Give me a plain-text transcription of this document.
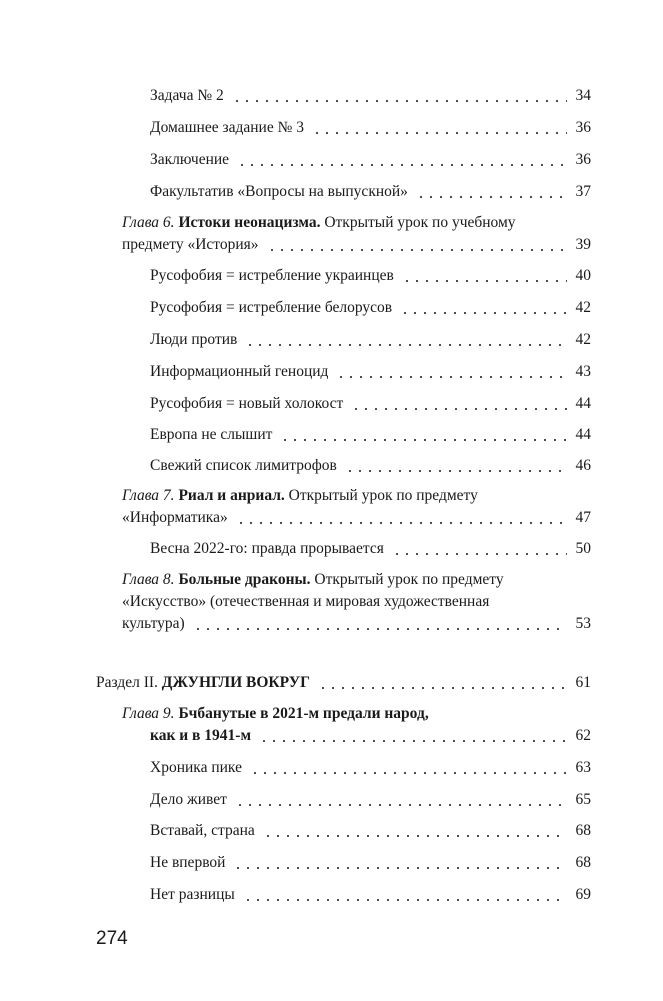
Задача № 2	34
Домашнее задание № 3	36
Заключение	36
Факультатив «Вопросы на выпускной»	37
Глава 6. Истоки неонацизма. Открытый урок по учебному
предмету «История»	39
Русофобия = истребление украинцев	40
Русофобия = истребление белорусов	42
Люди против	42
Информационный геноцид	43
Русофобия = новый холокост	44
Европа не слышит	44
Свежий список лимитрофов	46
Глава 7. Риал и анриал. Открытый урок по предмету
«Информатика»	47
Весна 2022-го: правда прорывается	50
Глава 8. Больные драконы. Открытый урок по предмету
«Искусство» (отечественная и мировая художественная
культура)	53
Раздел II. ДЖУНГЛИ ВОКРУГ	61
Глава 9. Бчбанутые в 2021-м предали народ,
как и в 1941-м	62
Хроника пике	63
Дело живет	65
Вставай, страна	68
Не впервой	68
Нет разницы	69
274
